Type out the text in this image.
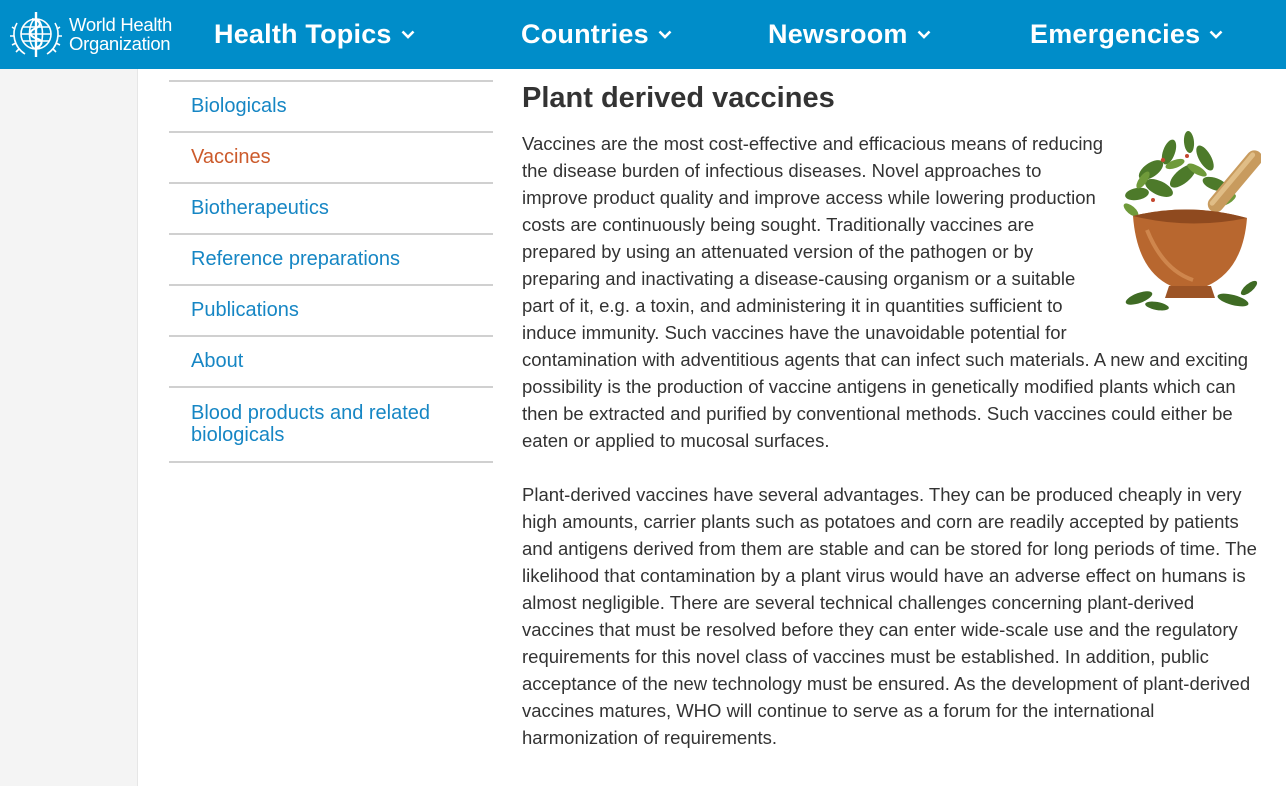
World Health
Organization Health Topics	Countries	Newsroom	Emergencies
Biologicals
Vaccines
Biotherapeutics
Reference preparations
Publications
About
Blood products and related biologicals
Plant derived vaccines

Vaccines are the most cost-effective and efficacious means of reducing the disease burden of infectious diseases. Novel approaches to improve product quality and improve access while lowering production costs are continuously being sought. Traditionally vaccines are prepared by using an attenuated version of the pathogen or by preparing and inactivating a disease-causing organism or a suitable part of it, e.g. a toxin, and administering it in quantities sufficient to induce immunity. Such vaccines have the unavoidable potential for contamination with adventitious agents that can infect such materials. A new and exciting possibility is the production of vaccine antigens in genetically modified plants which can then be extracted and purified by conventional methods. Such vaccines could either be eaten or applied to mucosal surfaces.

Plant-derived vaccines have several advantages. They can be produced cheaply in very high amounts, carrier plants such as potatoes and corn are readily accepted by patients and antigens derived from them are stable and can be stored for long periods of time. The likelihood that contamination by a plant virus would have an adverse effect on humans is almost negligible. There are several technical challenges concerning plant-derived vaccines that must be resolved before they can enter wide-scale use and the regulatory requirements for this novel class of vaccines must be established. In addition, public acceptance of the new technology must be ensured. As the development of plant-derived vaccines matures, WHO will continue to serve as a forum for the international harmonization of requirements.
